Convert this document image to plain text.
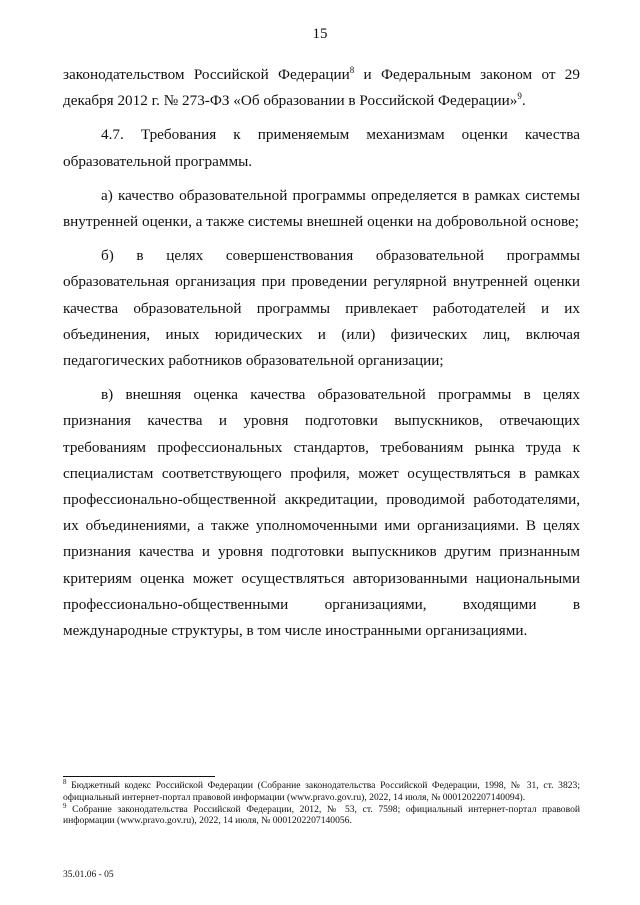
15

законодательством Российской Федерации$^8$ и Федеральным законом от 29 декабря 2012 г. № 273-ФЗ «Об образовании в Российской Федерации»$^9$.

4.7. Требования к применяемым механизмам оценки качества образовательной программы.

а) качество образовательной программы определяется в рамках системы внутренней оценки, а также системы внешней оценки на добровольной основе;

б) в целях совершенствования образовательной программы образовательная организация при проведении регулярной внутренней оценки качества образовательной программы привлекает работодателей и их объединения, иных юридических и (или) физических лиц, включая педагогических работников образовательной организации;

в) внешняя оценка качества образовательной программы в целях признания качества и уровня подготовки выпускников, отвечающих требованиям профессиональных стандартов, требованиям рынка труда к специалистам соответствующего профиля, может осуществляться в рамках профессионально-общественной аккредитации, проводимой работодателями, их объединениями, а также уполномоченными ими организациями. В целях признания качества и уровня подготовки выпускников другим признанным критериям оценка может осуществляться авторизованными национальными профессионально-общественными организациями, входящими в международные структуры, в том числе иностранными организациями.

$^8$ Бюджетный кодекс Российской Федерации (Собрание законодательства Российской Федерации, 1998, № 31, ст. 3823; официальный интернет-портал правовой информации (www.pravo.gov.ru), 2022, 14 июля, № 0001202207140094).

$^9$ Собрание законодательства Российской Федерации, 2012, № 53, ст. 7598; официальный интернет-портал правовой информации (www.pravo.gov.ru), 2022, 14 июля, № 0001202207140056.

35.01.06 - 05
